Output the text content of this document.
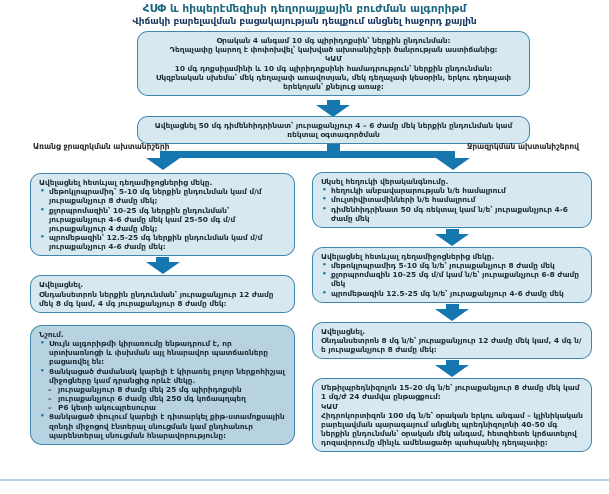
ՀՍՓ և հիպերէմեզիսի դեղորայքային բուժման ալգորիթմ
Վիճակի բարելավման բացակայության դեպքում անցնել հաջորդ քայլին
Օրական 4 անգամ 10 մգ պիրիդոքսին՝ ներքին ընդունման:
Դեղաչափը կարող է փոփոխվել՝ կախված ախտանիշերի ծանրության աստիճանից:
ԿԱՄ
10 մգ դոքսիլամինի և 10 մգ պիրիդոքսինի համադրություն՝ ներքին ընդունման:
Սկզբնական սխեմա՝ մեկ դեղաչափ առավոտյան, մեկ դեղաչափ կեսօրին, երկու դեղաչափ երեկոյան՝ քնելուց առաջ:
Ավելացնել 50 մգ դիմենհիդրինատ՝ յուրաքանչյուր 4 – 6 ժամը մեկ ներքին ընդունման կամ ռեկտալ օգտագործման
Առանց ջրազրկման ախտանիշերի	Ջրազրկման ախտանիշերով
Ավելացնել հետևյալ դեղամիջոցներից մեկը.
• մեթոկլոպրամիդ՝ 5-10 մգ ներքին ընդունման կամ մ/մ յուրաքանչյուր 8 ժամը մեկ;
• քլորպրոմազին՝ 10-25 մգ ներքին ընդունման՝ յուրաքանչյուր 4-6 ժամը մեկ կամ 25-50 մգ մ/մ յուրաքանչյուր 4 ժամը մեկ;
• պրոմեթազին՝ 12.5-25 մգ ներքին ընդունման կամ մ/մ յուրաքանչյուր 4-6 ժամը մեկ:
Ավելացնել.
Օնդանսետրոն ներքին ընդունման՝ յուրաքանչյուր 12 ժամը մեկ 8 մգ կամ, 4 մգ յուրաքանչյուր 8 ժամը մեկ:
Նշում.
• Սույն ալգորիթմի կիրառումը ենթադրում է, որ սրտխառնոցի և փսխման այլ հնարավոր պատճառները բացառվել են:
• Ցանկացած ժամանակ կարելի է կիրառել բոլոր ներքոհիշյալ միջոցները կամ դրանցից որևէ մեկը.
– յուրաքանչյուր 8 ժամը մեկ 25 մգ պիրիդոքսին
– յուրաքանչյուր 6 ժամը մեկ 250 մգ կոճապղպեղ
– P6 կետի ակուպրեսուրա
• Ցանկացած փուլում կարելի է դիտարկել քիթ-ստամոքսային զոնդի միջոցով էնտերալ սնուցման կամ ընդհանուր պարենտերալ սնուցման հնարավորությունը:
Սկսել հեղուկի վերականգնումը.
• հեղուկի անբավարարության ն/ե համալրում
• մուլտիվիտամինների ն/ե համալրում
• դիմենհիդրինատ 50 մգ ռեկտալ կամ ն/ե՝ յուրաքանչյուր 4-6 ժամը մեկ
Ավելացնել հետևյալ դեղամիջոցներից մեկը.
• մեթոկլոպրամիդ 5-10 մգ ն/ե՝ յուրաքանչյուր 8 ժամը մեկ
• քլորպրոմազին 10-25 մգ մ/մ կամ ն/ե՝ յուրաքանչյուր 6-8 ժամը մեկ
• պրոմեթազին 12.5-25 մգ ն/ե՝ յուրաքանչյուր 4-6 ժամը մեկ
Ավելացնել.
Օնդանսետրոն 8 մգ ն/ե՝ յուրաքանչյուր 12 ժամը մեկ կամ, 4 մգ ն/ե յուրաքանչյուր 8 ժամը մեկ:
Մեթիլպրեդնիզոլոն 15-20 մգ ն/ե՝ յուրաքանչյուր 8 ժամը մեկ կամ 1 մգ/ժ 24 ժամվա ընթացքում:
ԿԱՄ
Հիդրոկորտիզոն 100 մգ ն/ե՝ օրական երկու անգամ – կլինիկական բարելավման պարագայում անցնել պրեդնիզոլոնի 40-50 մգ ներքին ընդունման՝ օրական մեկ անգամ, հետզհետե կրճատելով դոզավորումը մինչև ամենացածր պահպանիչ դեղաչափը:
